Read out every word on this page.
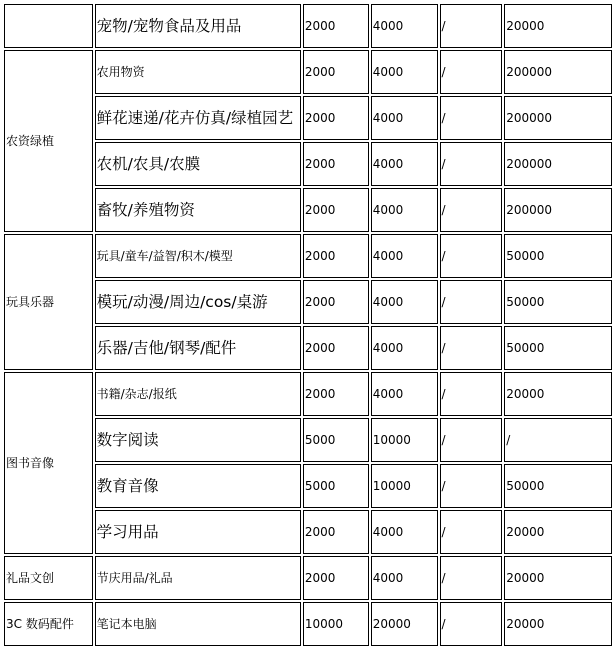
	宠物/宠物食品及用品	2000	4000	/	20000
农资绿植	农用物资	2000	4000	/	200000
	鲜花速递/花卉仿真/绿植园艺	2000	4000	/	200000
	农机/农具/农膜	2000	4000	/	200000
	畜牧/养殖物资	2000	4000	/	200000
玩具乐器	玩具/童车/益智/积木/模型	2000	4000	/	50000
	模玩/动漫/周边/cos/桌游	2000	4000	/	50000
	乐器/吉他/钢琴/配件	2000	4000	/	50000
图书音像	书籍/杂志/报纸	2000	4000	/	20000
	数字阅读	5000	10000	/	/
	教育音像	5000	10000	/	50000
	学习用品	2000	4000	/	20000
礼品文创	节庆用品/礼品	2000	4000	/	20000
3C 数码配件	笔记本电脑	10000	20000	/	20000
